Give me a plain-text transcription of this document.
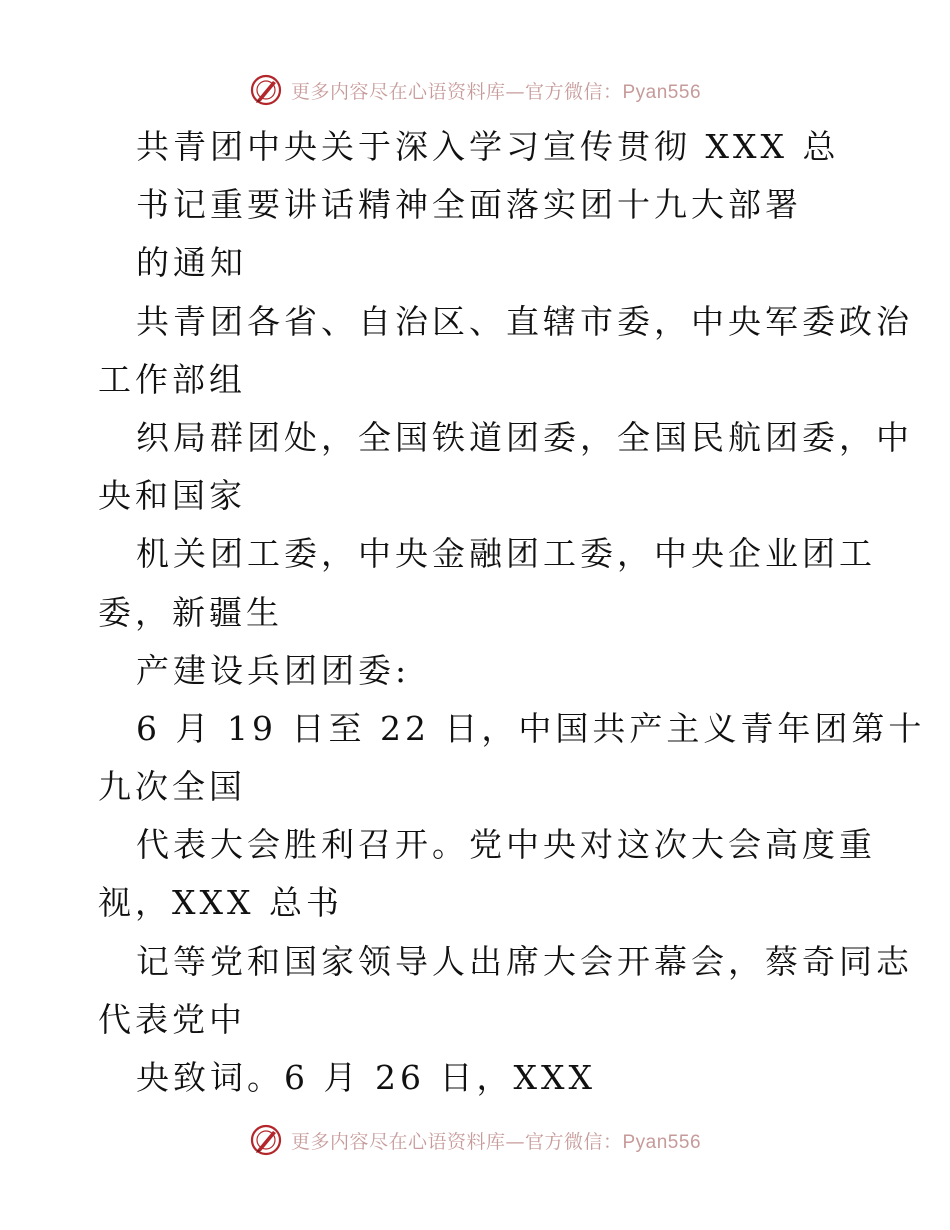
更多内容尽在心语资料库—官方微信：Pyan556
共青团中央关于深入学习宣传贯彻 XXX 总
书记重要讲话精神全面落实团十九大部署
的通知
共青团各省、自治区、直辖市委，中央军委政治
工作部组
织局群团处，全国铁道团委，全国民航团委，中
央和国家
机关团工委，中央金融团工委，中央企业团工
委，新疆生
产建设兵团团委:
6 月 19 日至 22 日，中国共产主义青年团第十
九次全国
代表大会胜利召开。党中央对这次大会高度重
视，XXX 总书
记等党和国家领导人出席大会开幕会，蔡奇同志
代表党中
央致词。6 月 26 日，XXX
更多内容尽在心语资料库—官方微信：Pyan556
